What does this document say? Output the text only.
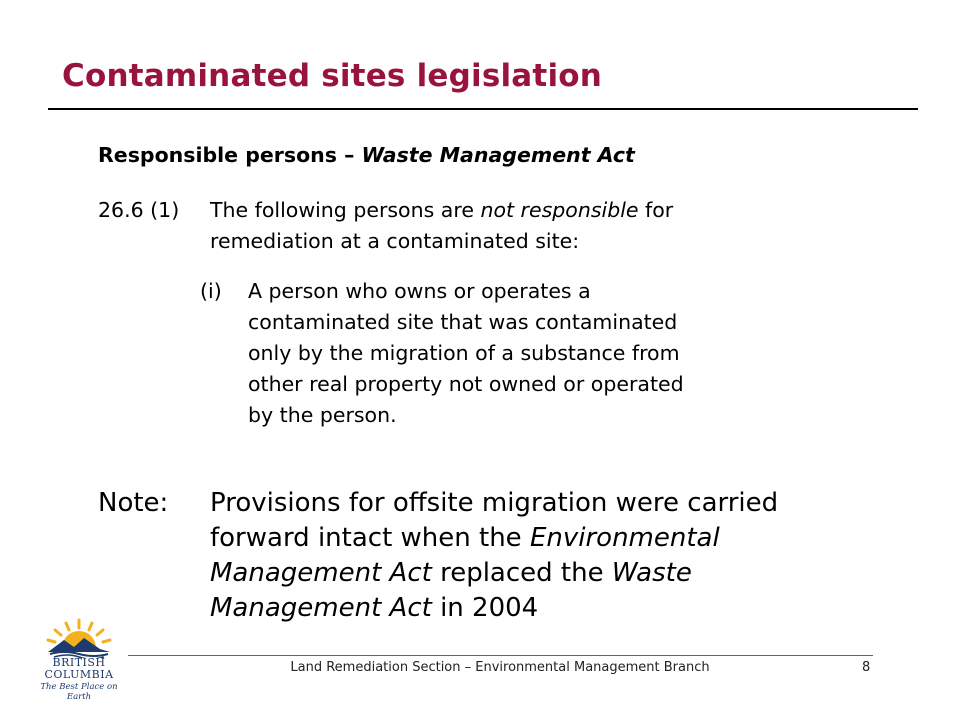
Contaminated sites legislation
Responsible persons – Waste Management Act
26.6 (1) The following persons are not responsible for
remediation at a contaminated site:
(i) A person who owns or operates a
contaminated site that was contaminated
only by the migration of a substance from
other real property not owned or operated
by the person.
Note: Provisions for offsite migration were carried
forward intact when the Environmental
Management Act replaced the Waste
Management Act in 2004
Land Remediation Section – Environmental Management Branch	8
BRITISH
COLUMBIA
The Best Place on Earth
